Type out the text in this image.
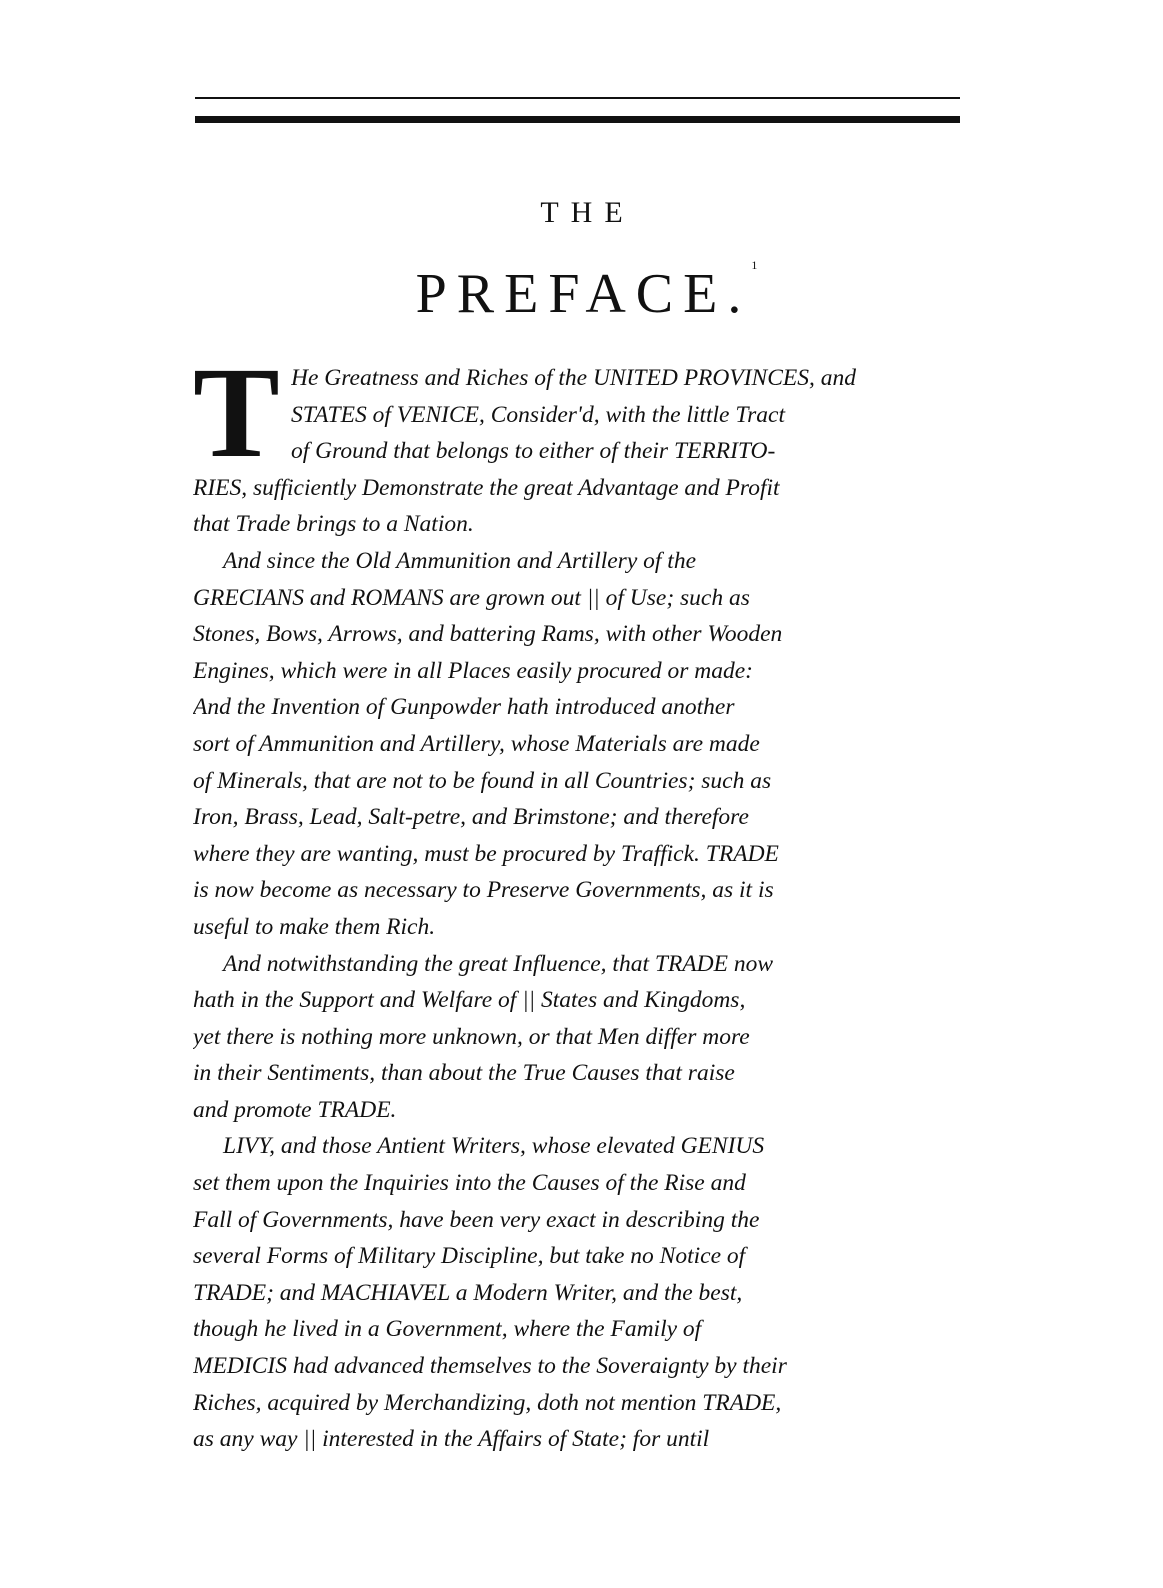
THE
PREFACE.$^1$
T He Greatness and Riches of the UNITED PROVINCES, and
STATES of VENICE, Consider'd, with the little Tract
of Ground that belongs to either of their TERRITO-
RIES, sufficiently Demonstrate the great Advantage and Profit
that Trade brings to a Nation.
And since the Old Ammunition and Artillery of the
GRECIANS and ROMANS are grown out || of Use; such as
Stones, Bows, Arrows, and battering Rams, with other Wooden
Engines, which were in all Places easily procured or made:
And the Invention of Gunpowder hath introduced another
sort of Ammunition and Artillery, whose Materials are made
of Minerals, that are not to be found in all Countries; such as
Iron, Brass, Lead, Salt-petre, and Brimstone; and therefore
where they are wanting, must be procured by Traffick. TRADE
is now become as necessary to Preserve Governments, as it is
useful to make them Rich.
And notwithstanding the great Influence, that TRADE now
hath in the Support and Welfare of || States and Kingdoms,
yet there is nothing more unknown, or that Men differ more
in their Sentiments, than about the True Causes that raise
and promote TRADE.
LIVY, and those Antient Writers, whose elevated GENIUS
set them upon the Inquiries into the Causes of the Rise and
Fall of Governments, have been very exact in describing the
several Forms of Military Discipline, but take no Notice of
TRADE; and MACHIAVEL a Modern Writer, and the best,
though he lived in a Government, where the Family of
MEDICIS had advanced themselves to the Soveraignty by their
Riches, acquired by Merchandizing, doth not mention TRADE,
as any way || interested in the Affairs of State; for until
